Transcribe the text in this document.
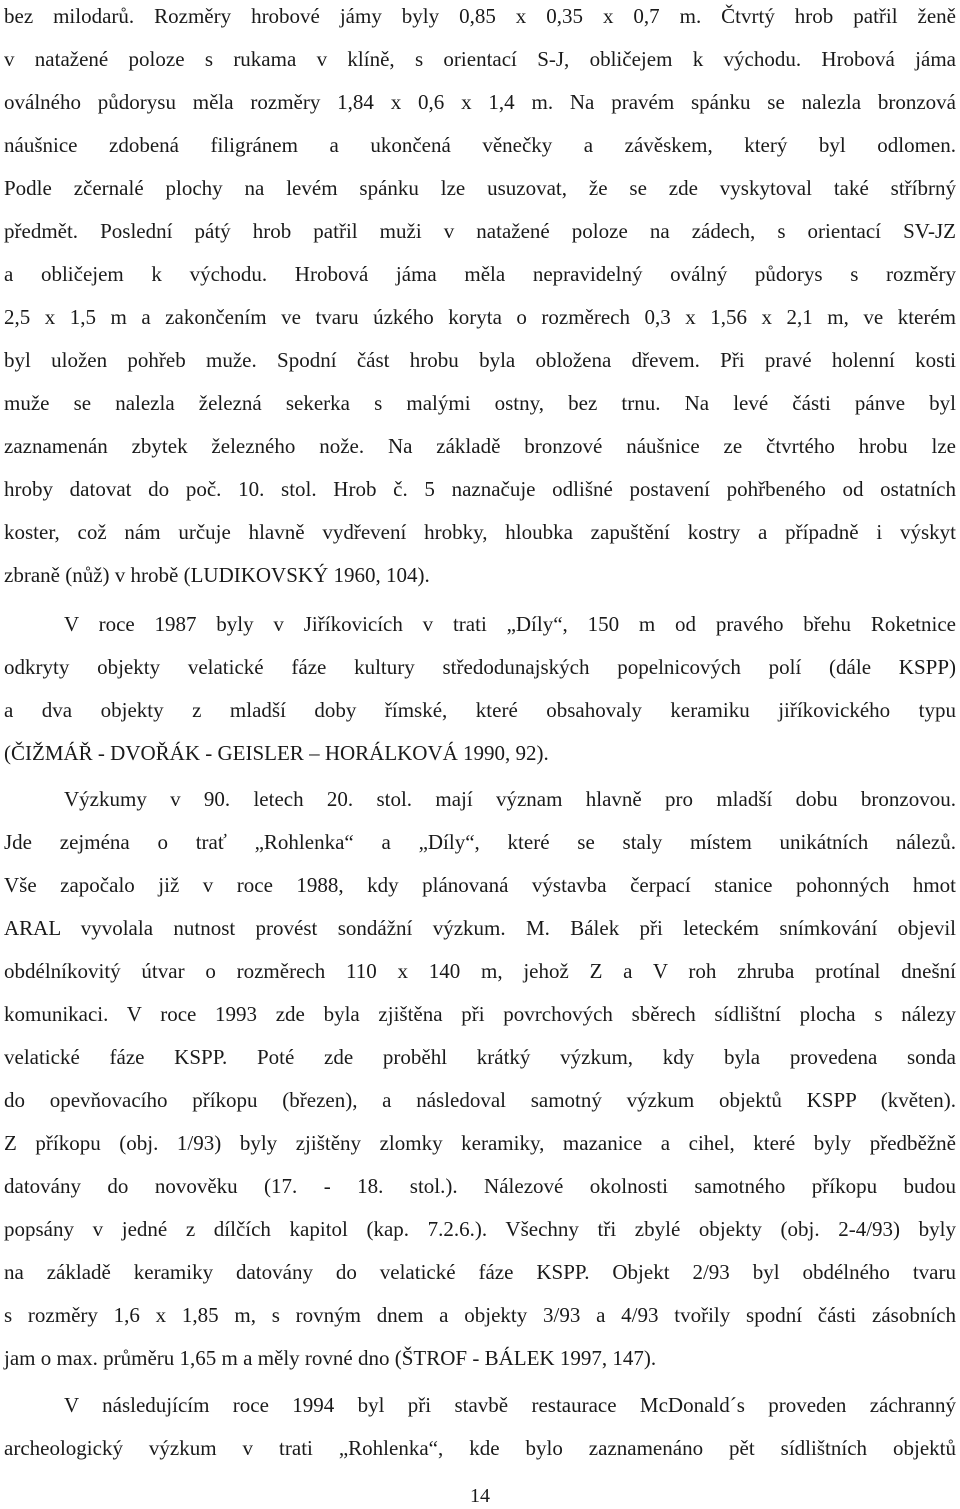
bez milodarů. Rozměry hrobové jámy byly 0,85 x 0,35 x 0,7 m. Čtvrtý hrob patřil ženě
v natažené poloze s rukama v klíně, s orientací S-J, obličejem k východu. Hrobová jáma
oválného půdorysu měla rozměry 1,84 x 0,6 x 1,4 m. Na pravém spánku se nalezla bronzová
náušnice zdobená filigránem a ukončená věnečky a závěskem, který byl odlomen.
Podle zčernalé plochy na levém spánku lze usuzovat, že se zde vyskytoval také stříbrný
předmět. Poslední pátý hrob patřil muži v natažené poloze na zádech, s orientací SV-JZ
a obličejem k východu. Hrobová jáma měla nepravidelný oválný půdorys s rozměry
2,5 x 1,5 m a zakončením ve tvaru úzkého koryta o rozměrech 0,3 x 1,56 x 2,1 m, ve kterém
byl uložen pohřeb muže. Spodní část hrobu byla obložena dřevem. Při pravé holenní kosti
muže se nalezla železná sekerka s malými ostny, bez trnu. Na levé části pánve byl
zaznamenán zbytek železného nože. Na základě bronzové náušnice ze čtvrtého hrobu lze
hroby datovat do poč. 10. stol. Hrob č. 5 naznačuje odlišné postavení pohřbeného od ostatních
koster, což nám určuje hlavně vydřevení hrobky, hloubka zapuštění kostry a případně i výskyt
zbraně (nůž) v hrobě (LUDIKOVSKÝ 1960, 104).
V roce 1987 byly v Jiříkovicích v trati „Díly“, 150 m od pravého břehu Roketnice
odkryty objekty velatické fáze kultury středodunajských popelnicových polí (dále KSPP)
a dva objekty z mladší doby římské, které obsahovaly keramiku jiříkovického typu
(ČIŽMÁŘ - DVOŘÁK - GEISLER – HORÁLKOVÁ 1990, 92).
Výzkumy v 90. letech 20. stol. mají význam hlavně pro mladší dobu bronzovou.
Jde zejména o trať „Rohlenka“ a „Díly“, které se staly místem unikátních nálezů.
Vše započalo již v roce 1988, kdy plánovaná výstavba čerpací stanice pohonných hmot
ARAL vyvolala nutnost provést sondážní výzkum. M. Bálek při leteckém snímkování objevil
obdélníkovitý útvar o rozměrech 110 x 140 m, jehož Z a V roh zhruba protínal dnešní
komunikaci. V roce 1993 zde byla zjištěna při povrchových sběrech sídlištní plocha s nálezy
velatické fáze KSPP. Poté zde proběhl krátký výzkum, kdy byla provedena sonda
do opevňovacího příkopu (březen), a následoval samotný výzkum objektů KSPP (květen).
Z příkopu (obj. 1/93) byly zjištěny zlomky keramiky, mazanice a cihel, které byly předběžně
datovány do novověku (17. - 18. stol.). Nálezové okolnosti samotného příkopu budou
popsány v jedné z dílčích kapitol (kap. 7.2.6.). Všechny tři zbylé objekty (obj. 2-4/93) byly
na základě keramiky datovány do velatické fáze KSPP. Objekt 2/93 byl obdélného tvaru
s rozměry 1,6 x 1,85 m, s rovným dnem a objekty 3/93 a 4/93 tvořily spodní části zásobních
jam o max. průměru 1,65 m a měly rovné dno (ŠTROF - BÁLEK 1997, 147).
V následujícím roce 1994 byl při stavbě restaurace McDonald´s proveden záchranný
archeologický výzkum v trati „Rohlenka“, kde bylo zaznamenáno pět sídlištních objektů
14
